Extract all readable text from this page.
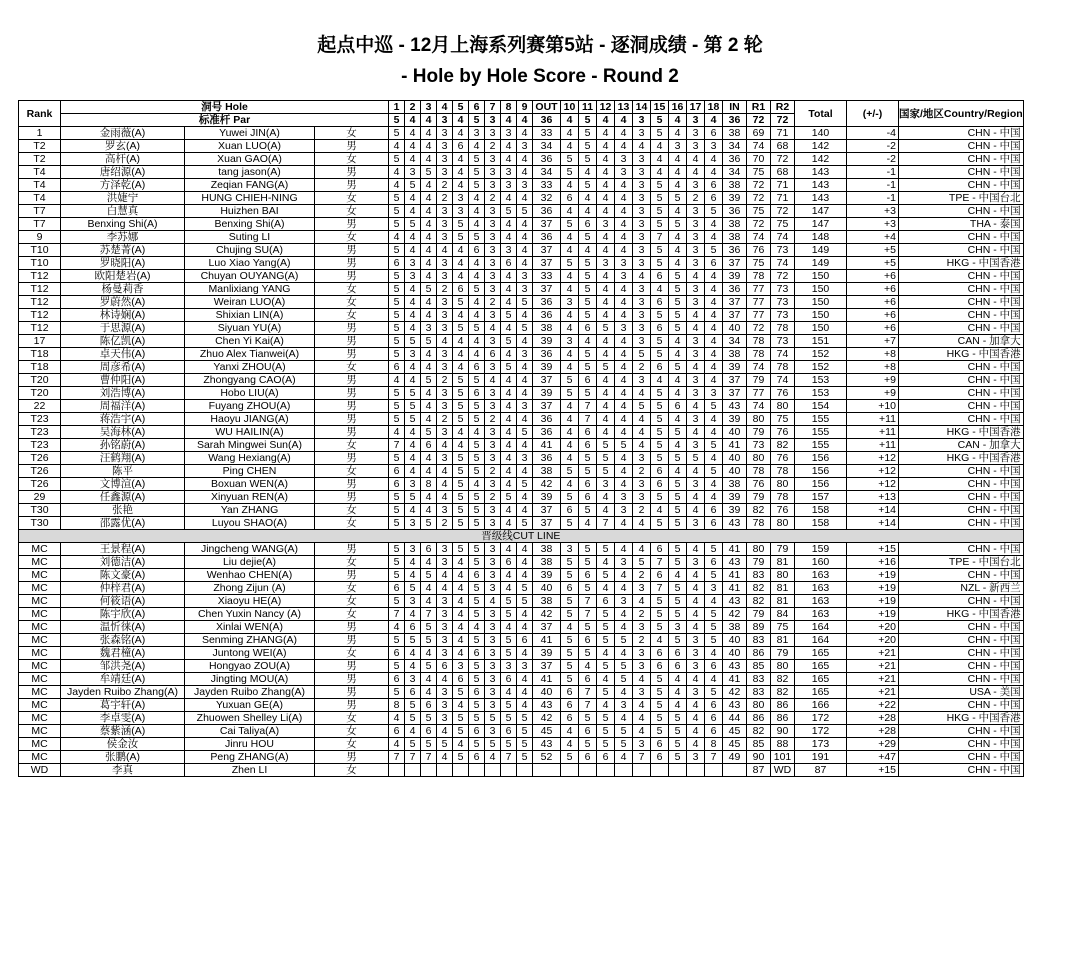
起点中巡 - 12月上海系列赛第5站 - 逐洞成绩 - 第 2 轮
- Hole by Hole Score - Round 2
Rank	洞号 Hole			1	2	3	4	5	6	7	8	9	OUT	10	11	12	13	14	15	16	17	18	IN	R1	R2	Total	(+/-)	国家/地区Country/Region
	标准杆 Par			5	4	4	3	4	5	3	4	4	36	4	5	4	4	3	5	4	3	4	36	72	72			
1	金雨薇(A)	Yuwei JIN(A)	女	5	4	4	3	4	3	3	3	4	33	4	5	4	4	3	5	4	3	6	38	69	71	140	-4	CHN - 中国
T2	罗玄(A)	Xuan LUO(A)	男	4	4	4	3	6	4	2	4	3	34	4	5	4	4	4	4	3	3	3	34	74	68	142	-2	CHN - 中国
T2	高杆(A)	Xuan GAO(A)	女	5	4	4	3	4	5	3	4	4	36	5	5	4	3	3	4	4	4	4	36	70	72	142	-2	CHN - 中国
T4	唐绍源(A)	tang jason(A)	男	4	3	5	3	4	5	3	3	4	34	5	4	4	3	3	4	4	4	4	34	75	68	143	-1	CHN - 中国
T4	方泽乾(A)	Zeqian FANG(A)	男	4	5	4	2	4	5	3	3	3	33	4	5	4	4	3	5	4	3	6	38	72	71	143	-1	CHN - 中国
T4	洪婕宁	HUNG CHIEH-NING	女	5	4	4	2	3	4	2	4	4	32	6	4	4	4	3	5	5	2	6	39	72	71	143	-1	TPE - 中国台北
T7	白慧真	Huizhen BAI	女	5	4	4	3	3	4	3	5	5	36	4	4	4	4	3	5	4	3	5	36	75	72	147	+3	CHN - 中国
T7	Benxing Shi(A)	Benxing Shi(A)	男	5	5	4	3	5	4	3	4	4	37	5	6	3	4	3	5	5	3	4	38	72	75	147	+3	THA - 泰国
9	李苏娜	Suting LI	女	4	4	4	3	5	5	3	4	4	36	4	5	4	4	3	7	4	3	4	38	74	74	148	+4	CHN - 中国
T10	苏楚菁(A)	Chujing SU(A)	男	5	4	4	4	4	6	3	3	4	37	4	4	4	4	3	5	4	3	5	36	76	73	149	+5	CHN - 中国
T10	罗晓阳(A)	Luo Xiao Yang(A)	男	6	3	4	3	4	4	3	6	4	37	5	5	3	3	3	5	4	3	6	37	75	74	149	+5	HKG - 中国香港
T12	欧阳楚岩(A)	Chuyan OUYANG(A)	男	5	3	4	3	4	4	3	4	3	33	4	5	4	3	4	6	5	4	4	39	78	72	150	+6	CHN - 中国
T12	杨曼莉香	Manlixiang YANG	女	5	4	5	2	6	5	3	4	3	37	4	5	4	4	3	4	5	3	4	36	77	73	150	+6	CHN - 中国
T12	罗蔚然(A)	Weiran LUO(A)	女	5	4	4	3	5	4	2	4	5	36	3	5	4	4	3	6	5	3	4	37	77	73	150	+6	CHN - 中国
T12	林诗娴(A)	Shixian LIN(A)	女	5	4	4	3	4	4	3	5	4	36	4	5	4	4	3	5	5	4	4	37	77	73	150	+6	CHN - 中国
T12	于思源(A)	Siyuan YU(A)	男	5	4	3	3	5	5	4	4	5	38	4	6	5	3	3	6	5	4	4	40	72	78	150	+6	CHN - 中国
17	陈亿凯(A)	Chen Yi Kai(A)	男	5	5	5	4	4	4	3	5	4	39	3	4	4	4	3	5	4	3	4	34	78	73	151	+7	CAN - 加拿大
T18	卓天伟(A)	Zhuo Alex Tianwei(A)	男	5	3	4	3	4	4	6	4	3	36	4	5	4	4	5	5	4	3	4	38	78	74	152	+8	HKG - 中国香港
T18	周彦希(A)	Yanxi ZHOU(A)	女	6	4	4	3	4	6	3	5	4	39	4	5	5	4	2	6	5	4	4	39	74	78	152	+8	CHN - 中国
T20	曹仲阳(A)	Zhongyang CAO(A)	男	4	4	5	2	5	5	4	4	4	37	5	6	4	4	3	4	4	3	4	37	79	74	153	+9	CHN - 中国
T20	刘浩博(A)	Hobo LIU(A)	男	5	5	4	3	5	6	3	4	4	39	5	5	4	4	4	5	4	3	3	37	77	76	153	+9	CHN - 中国
22	周福洋(A)	Fuyang ZHOU(A)	男	5	5	4	3	5	5	3	4	3	37	4	7	4	4	5	5	6	4	5	43	74	80	154	+10	CHN - 中国
T23	蒋浩宇(A)	Haoyu JIANG(A)	男	5	5	4	2	5	5	2	4	4	36	4	7	4	4	4	5	4	3	4	39	80	75	155	+11	CHN - 中国
T23	吴海林(A)	WU HAILIN(A)	男	4	4	5	3	4	4	3	4	5	36	4	6	4	4	4	5	5	4	4	40	79	76	155	+11	HKG - 中国香港
T23	孙铭蔚(A)	Sarah Mingwei Sun(A)	女	7	4	6	4	4	5	3	4	4	41	4	6	5	5	4	5	4	3	5	41	73	82	155	+11	CAN - 加拿大
T26	汪鹤翔(A)	Wang Hexiang(A)	男	5	4	4	3	5	5	3	4	3	36	4	5	5	4	3	5	5	5	4	40	80	76	156	+12	HKG - 中国香港
T26	陈平	Ping CHEN	女	6	4	4	4	5	5	2	4	4	38	5	5	5	4	2	6	4	4	5	40	78	78	156	+12	CHN - 中国
T26	文博渲(A)	Boxuan WEN(A)	男	6	3	8	4	5	4	3	4	5	42	4	6	3	4	3	6	5	3	4	38	76	80	156	+12	CHN - 中国
29	任鑫源(A)	Xinyuan REN(A)	男	5	5	4	4	5	5	2	5	4	39	5	6	4	3	3	5	5	4	4	39	79	78	157	+13	CHN - 中国
T30	张艳	Yan ZHANG	女	5	4	4	3	5	5	3	4	4	37	6	5	4	3	2	4	5	4	6	39	82	76	158	+14	CHN - 中国
T30	邵露优(A)	Luyou SHAO(A)	女	5	3	5	2	5	5	3	4	5	37	5	4	7	4	4	5	5	3	6	43	78	80	158	+14	CHN - 中国
晋级线CUT LINE																												
MC	王景程(A)	Jingcheng WANG(A)	男	5	3	6	3	5	5	3	4	4	38	3	5	5	4	4	6	5	4	5	41	80	79	159	+15	CHN - 中国
MC	刘德洁(A)	Liu dejie(A)	女	5	4	4	3	4	5	3	6	4	38	5	5	4	3	5	7	5	3	6	43	79	81	160	+16	TPE - 中国台北
MC	陈文豪(A)	Wenhao CHEN(A)	男	5	4	5	4	4	6	3	4	4	39	5	6	5	4	2	6	4	4	5	41	83	80	163	+19	CHN - 中国
MC	仲梓君(A)	Zhong Zijun (A)	女	6	5	4	4	4	5	3	4	5	40	6	5	4	4	3	7	5	4	3	41	82	81	163	+19	NZL - 新西兰
MC	何筱语(A)	Xiaoyu HE(A)	女	5	3	4	3	4	5	4	5	5	38	5	7	6	3	4	5	5	4	4	43	82	81	163	+19	CHN - 中国
MC	陈宇欣(A)	Chen Yuxin Nancy (A)	女	7	4	7	3	4	5	3	5	4	42	5	7	5	4	2	5	5	4	5	42	79	84	163	+19	HKG - 中国香港
MC	温忻徕(A)	Xinlai WEN(A)	男	4	6	5	3	4	4	3	4	4	37	4	5	5	4	3	5	3	4	5	38	89	75	164	+20	CHN - 中国
MC	张森铭(A)	Senming ZHANG(A)	男	5	5	5	3	4	5	3	5	6	41	5	6	5	5	2	4	5	3	5	40	83	81	164	+20	CHN - 中国
MC	魏君橦(A)	Juntong WEI(A)	女	6	4	4	3	4	6	3	5	4	39	5	5	4	4	3	6	6	3	4	40	86	79	165	+21	CHN - 中国
MC	邹洪尧(A)	Hongyao ZOU(A)	男	5	4	5	6	3	5	3	3	3	37	5	4	5	5	3	6	6	3	6	43	85	80	165	+21	CHN - 中国
MC	牟靖廷(A)	Jingting MOU(A)	男	6	3	4	4	6	5	3	6	4	41	5	6	4	5	4	5	4	4	4	41	83	82	165	+21	CHN - 中国
MC	Jayden Ruibo Zhang(A)	Jayden Ruibo Zhang(A)	男	5	6	4	3	5	6	3	4	4	40	6	7	5	4	3	5	4	3	5	42	83	82	165	+21	USA - 美国
MC	葛宇轩(A)	Yuxuan GE(A)	男	8	5	6	3	4	5	3	5	4	43	6	7	4	3	4	5	4	4	6	43	80	86	166	+22	CHN - 中国
MC	李卓雯(A)	Zhuowen Shelley Li(A)	女	4	5	5	3	5	5	5	5	5	42	6	5	5	4	4	5	5	4	6	44	86	86	172	+28	HKG - 中国香港
MC	蔡紫涵(A)	Cai Taliya(A)	女	6	4	6	4	5	6	3	6	5	45	4	6	5	5	4	5	5	4	6	45	82	90	172	+28	CHN - 中国
MC	侯金汝	Jinru HOU	女	4	5	5	5	4	5	5	5	5	43	4	5	5	5	3	6	5	4	8	45	85	88	173	+29	CHN - 中国
MC	张鹏(A)	Peng ZHANG(A)	男	7	7	7	4	5	6	4	7	5	52	5	6	6	4	7	6	5	3	7	49	90	101	191	+47	CHN - 中国
WD	李真	Zhen LI	女																					87	WD	87	+15	CHN - 中国
